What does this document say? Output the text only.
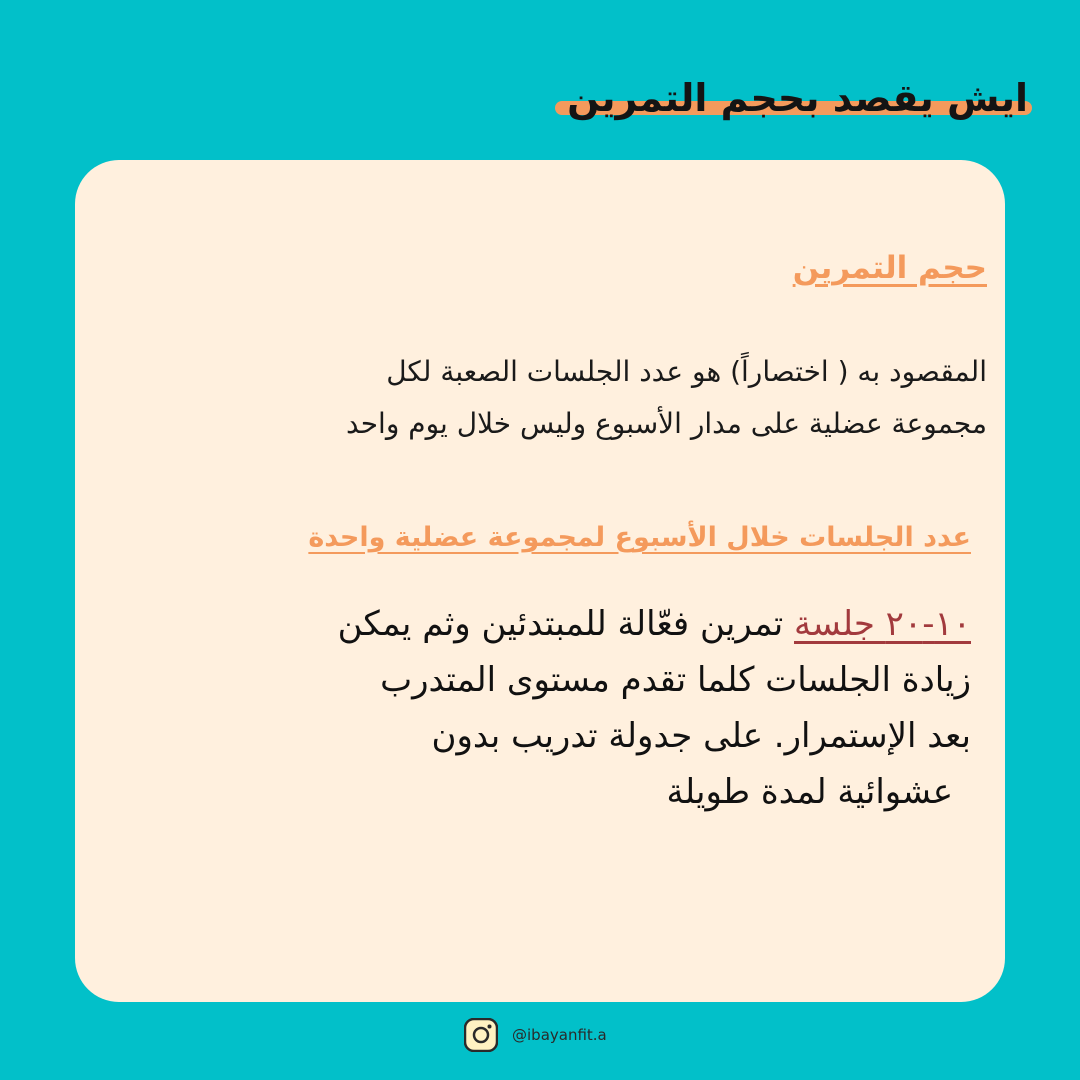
ايش يقصد بحجم التمرين
حجم التمرين

المقصود به ( اختصاراً) هو عدد الجلسات الصعبة لكل
مجموعة عضلية على مدار الأسبوع وليس خلال يوم واحد

عدد الجلسات خلال الأسبوع لمجموعة عضلية واحدة

١٠-٢٠ جلسة تمرين فعّالة للمبتدئين وثم يمكن
زيادة الجلسات كلما تقدم مستوى المتدرب
بعد الإستمرار. على جدولة تدريب بدون
عشوائية لمدة طويلة

@ibayanfit.a
